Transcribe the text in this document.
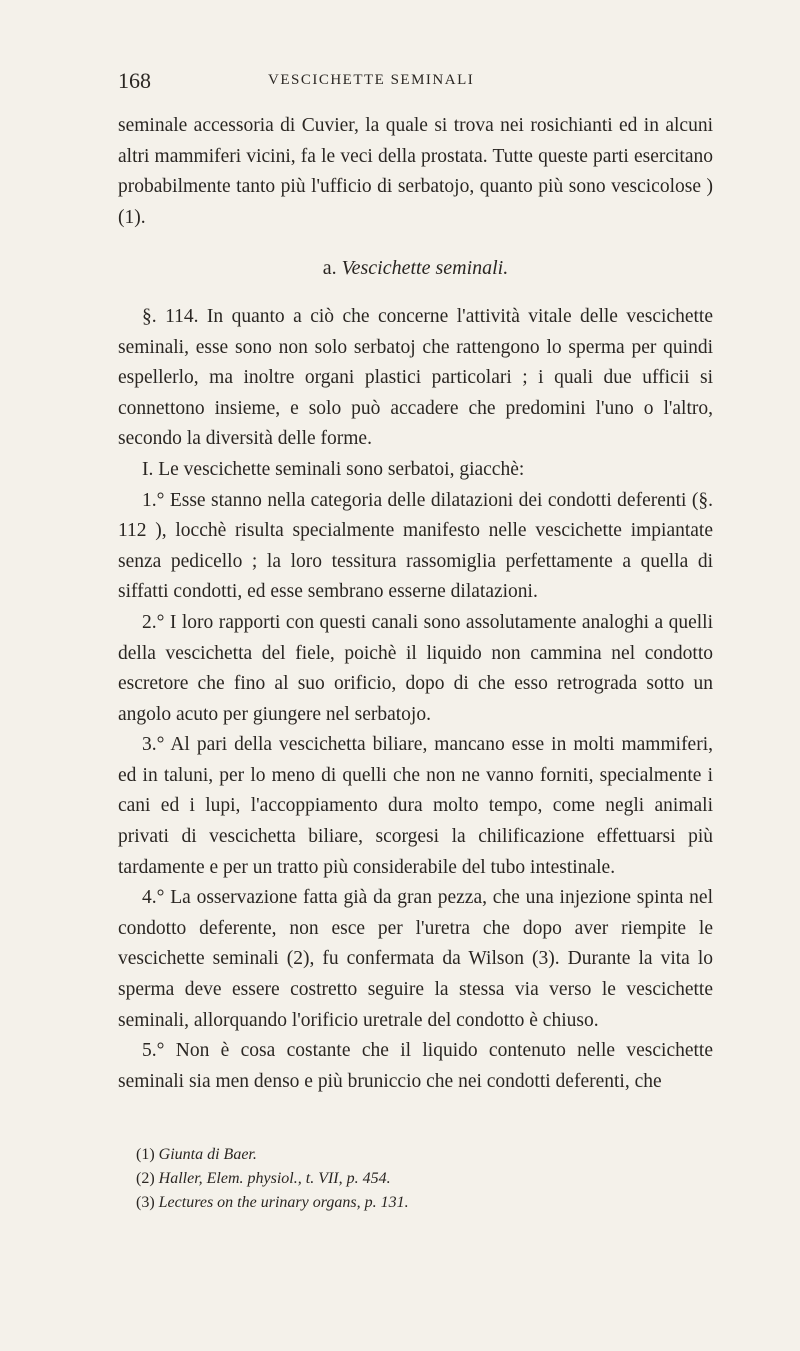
168	VESCICHETTE SEMINALI

seminale accessoria di Cuvier, la quale si trova nei rosichianti ed in alcuni altri mammiferi vicini, fa le veci della prostata. Tutte queste parti esercitano probabilmente tanto più l'ufficio di serbatojo, quanto più sono vescicolose ) (1).

a. Vescichette seminali.

§. 114. In quanto a ciò che concerne l'attività vitale delle vescichette seminali, esse sono non solo serbatoj che rattengono lo sperma per quindi espellerlo, ma inoltre organi plastici particolari ; i quali due ufficii si connettono insieme, e solo può accadere che predomini l'uno o l'altro, secondo la diversità delle forme.

I. Le vescichette seminali sono serbatoi, giacchè:

1.° Esse stanno nella categoria delle dilatazioni dei condotti deferenti (§. 112 ), locchè risulta specialmente manifesto nelle vescichette impiantate senza pedicello ; la loro tessitura rassomiglia perfettamente a quella di siffatti condotti, ed esse sembrano esserne dilatazioni.

2.° I loro rapporti con questi canali sono assolutamente analoghi a quelli della vescichetta del fiele, poichè il liquido non cammina nel condotto escretore che fino al suo orificio, dopo di che esso retrograda sotto un angolo acuto per giungere nel serbatojo.

3.° Al pari della vescichetta biliare, mancano esse in molti mammiferi, ed in taluni, per lo meno di quelli che non ne vanno forniti, specialmente i cani ed i lupi, l'accoppiamento dura molto tempo, come negli animali privati di vescichetta biliare, scorgesi la chilificazione effettuarsi più tardamente e per un tratto più considerabile del tubo intestinale.

4.° La osservazione fatta già da gran pezza, che una injezione spinta nel condotto deferente, non esce per l'uretra che dopo aver riempite le vescichette seminali (2), fu confermata da Wilson (3). Durante la vita lo sperma deve essere costretto seguire la stessa via verso le vescichette seminali, allorquando l'orificio uretrale del condotto è chiuso.

5.° Non è cosa costante che il liquido contenuto nelle vescichette seminali sia men denso e più bruniccio che nei condotti deferenti, che

(1) Giunta di Baer.

(2) Haller, Elem. physiol., t. VII, p. 454.

(3) Lectures on the urinary organs, p. 131.
